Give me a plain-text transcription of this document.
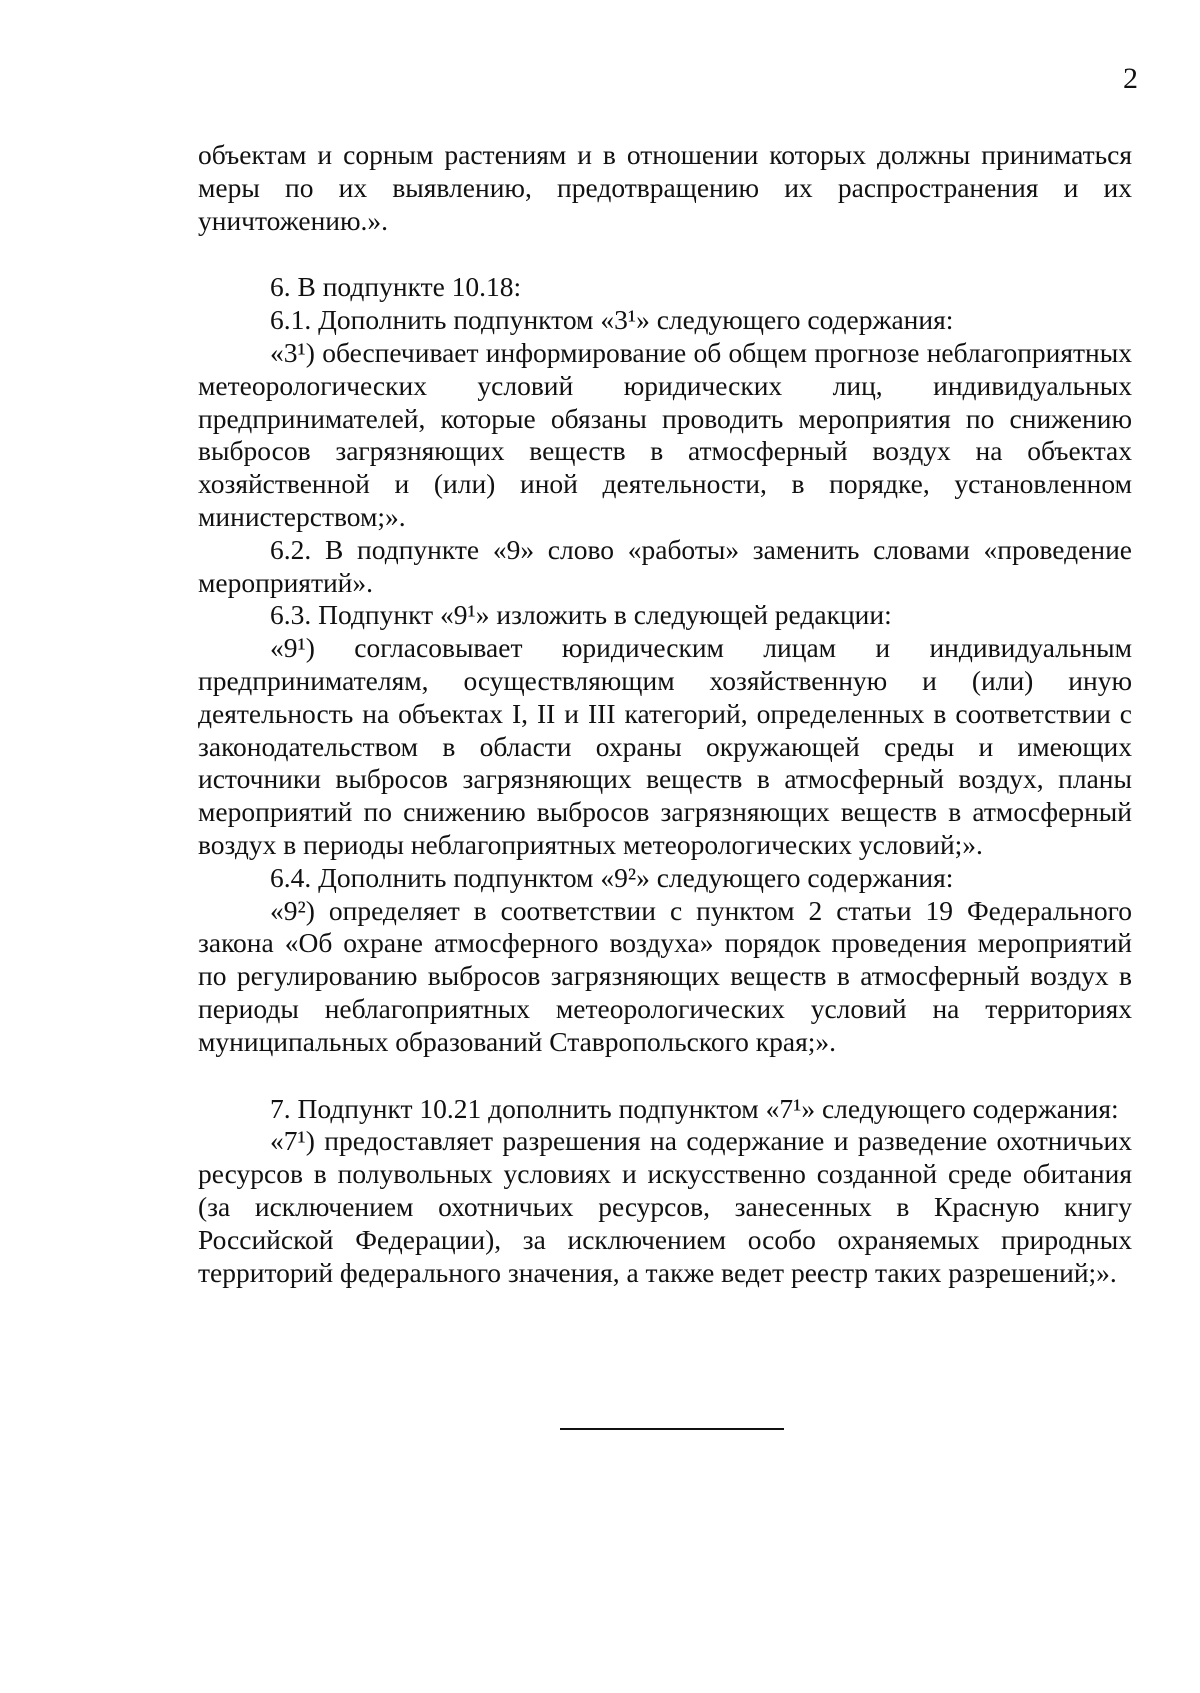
2

объектам и сорным растениям и в отношении которых должны приниматься меры по их выявлению, предотвращению их распространения и их уничтожению.».

6. В подпункте 10.18:

6.1. Дополнить подпунктом «3¹» следующего содержания:

«3¹) обеспечивает информирование об общем прогнозе неблагоприятных метеорологических условий юридических лиц, индивидуальных предпринимателей, которые обязаны проводить мероприятия по снижению выбросов загрязняющих веществ в атмосферный воздух на объектах хозяйственной и (или) иной деятельности, в порядке, установленном министерством;».

6.2. В подпункте «9» слово «работы» заменить словами «проведение мероприятий».

6.3. Подпункт «9¹» изложить в следующей редакции:

«9¹) согласовывает юридическим лицам и индивидуальным предпринимателям, осуществляющим хозяйственную и (или) иную деятельность на объектах I, II и III категорий, определенных в соответствии с законодательством в области охраны окружающей среды и имеющих источники выбросов загрязняющих веществ в атмосферный воздух, планы мероприятий по снижению выбросов загрязняющих веществ в атмосферный воздух в периоды неблагоприятных метеорологических условий;».

6.4. Дополнить подпунктом «9²» следующего содержания:

«9²) определяет в соответствии с пунктом 2 статьи 19 Федерального закона «Об охране атмосферного воздуха» порядок проведения мероприятий по регулированию выбросов загрязняющих веществ в атмосферный воздух в периоды неблагоприятных метеорологических условий на территориях муниципальных образований Ставропольского края;».

7. Подпункт 10.21 дополнить подпунктом «7¹» следующего содержания:

«7¹) предоставляет разрешения на содержание и разведение охотничьих ресурсов в полувольных условиях и искусственно созданной среде обитания (за исключением охотничьих ресурсов, занесенных в Красную книгу Российской Федерации), за исключением особо охраняемых природных территорий федерального значения, а также ведет реестр таких разрешений;».
